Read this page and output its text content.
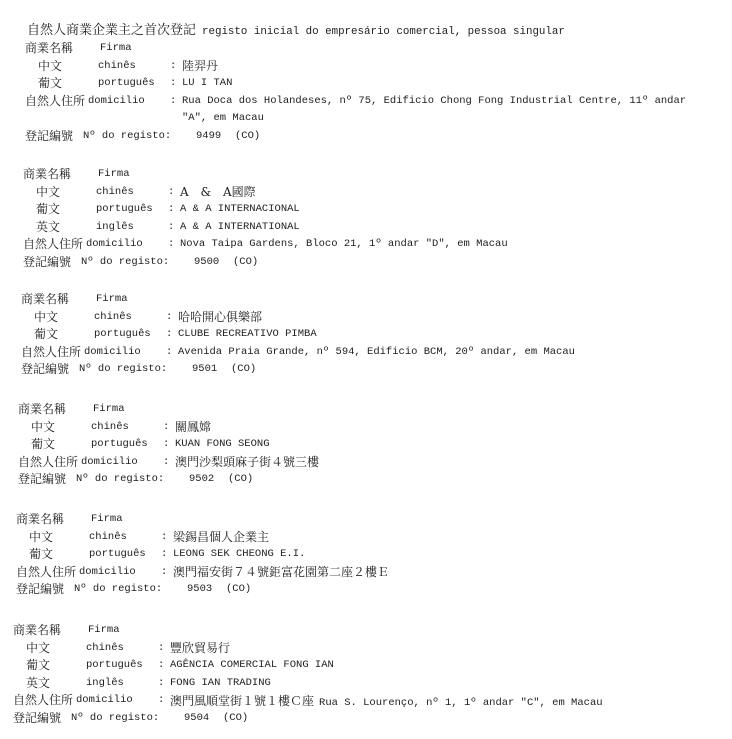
自然人商業企業主之首次登記 registo inicial do empresário comercial, pessoa singular
商業名稱	Firma
中文	chinês	: 陸羿丹
葡文	português : LU I TAN
自然人住所 domicilio : Rua Doca dos Holandeses, nº 75, Edificio Chong Fong Industrial Centre, 11º andar
"A", em Macau
登記編號 Nº do registo: 9499 (CO)
商業名稱	Firma
中文	chinês	: A & A國際
葡文	português : A & A INTERNACIONAL
英文	inglês	: A & A INTERNATIONAL
自然人住所 domicilio : Nova Taipa Gardens, Bloco 21, 1º andar "D", em Macau
登記編號 Nº do registo: 9500 (CO)
商業名稱	Firma
中文	chinês	: 哈哈開心俱樂部
葡文	português : CLUBE RECREATIVO PIMBA
自然人住所 domicilio : Avenida Praia Grande, nº 594, Edificio BCM, 20º andar, em Macau
登記編號 Nº do registo: 9501 (CO)
商業名稱	Firma
中文	chinês	: 關鳳嫦
葡文	português : KUAN FONG SEONG
自然人住所 domicilio : 澳門沙梨頭麻子街４號三樓
登記編號 Nº do registo: 9502 (CO)
商業名稱	Firma
中文	chinês	: 梁錫昌個人企業主
葡文	português : LEONG SEK CHEONG E.I.
自然人住所 domicilio : 澳門福安街７４號鉅富花園第二座２樓Ｅ
登記編號 Nº do registo: 9503 (CO)
商業名稱	Firma
中文	chinês	: 豐欣貿易行
葡文	português : AGÊNCIA COMERCIAL FONG IAN
英文	inglês	: FONG IAN TRADING
自然人住所 domicilio : 澳門風順堂街１號１樓Ｃ座 Rua S. Lourenço, nº 1, 1º andar "C", em Macau
登記編號 Nº do registo: 9504 (CO)
